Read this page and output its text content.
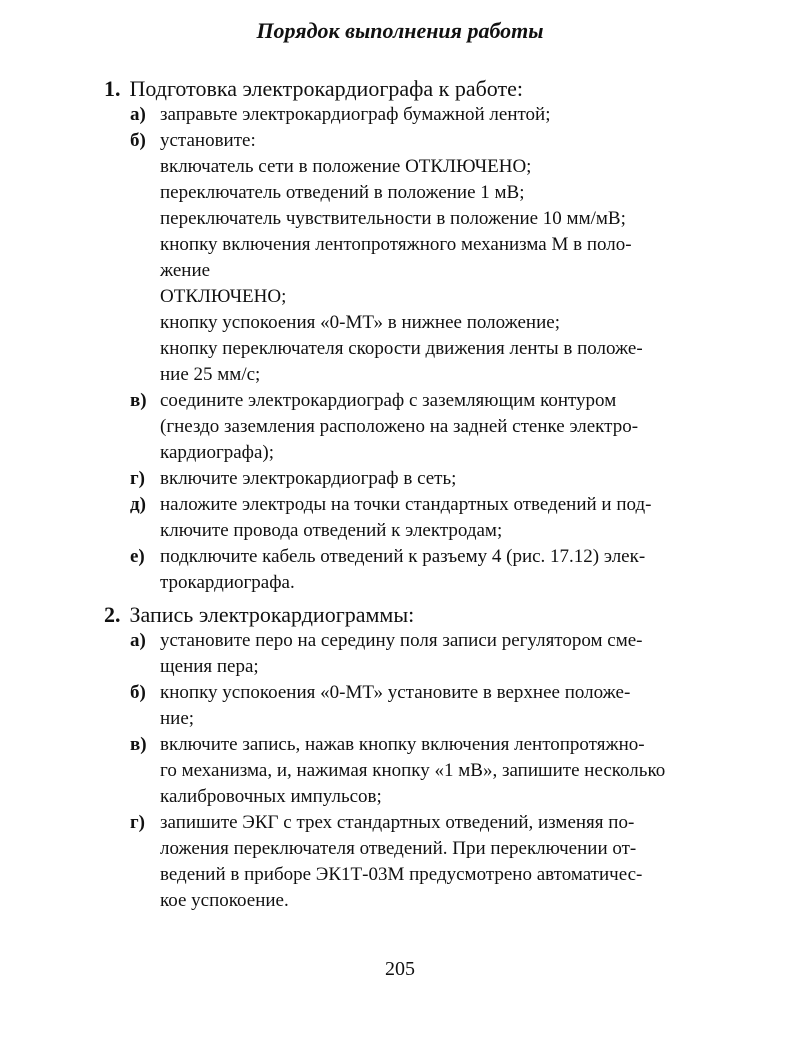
Порядок выполнения работы
1. Подготовка электрокардиографа к работе:
а) заправьте электрокардиограф бумажной лентой;
б) установите:
включатель сети в положение ОТКЛЮЧЕНО;
переключатель отведений в положение 1 мВ;
переключатель чувствительности в положение 10 мм/мВ;
кнопку включения лентопротяжного механизма М в поло-
жение
ОТКЛЮЧЕНО;
кнопку успокоения «0-МТ» в нижнее положение;
кнопку переключателя скорости движения ленты в положе-
ние 25 мм/с;
в) соедините электрокардиограф с заземляющим контуром
(гнездо заземления расположено на задней стенке электро-
кардиографа);
г) включите электрокардиограф в сеть;
д) наложите электроды на точки стандартных отведений и под-
ключите провода отведений к электродам;
е) подключите кабель отведений к разъему 4 (рис. 17.12) элек-
трокардиографа.
2. Запись электрокардиограммы:
а) установите перо на середину поля записи регулятором сме-
щения пера;
б) кнопку успокоения «0-МТ» установите в верхнее положе-
ние;
в) включите запись, нажав кнопку включения лентопротяжно-
го механизма, и, нажимая кнопку «1 мВ», запишите несколько
калибровочных импульсов;
г) запишите ЭКГ с трех стандартных отведений, изменяя по-
ложения переключателя отведений. При переключении от-
ведений в приборе ЭК1Т-03М предусмотрено автоматичес-
кое успокоение.
205
